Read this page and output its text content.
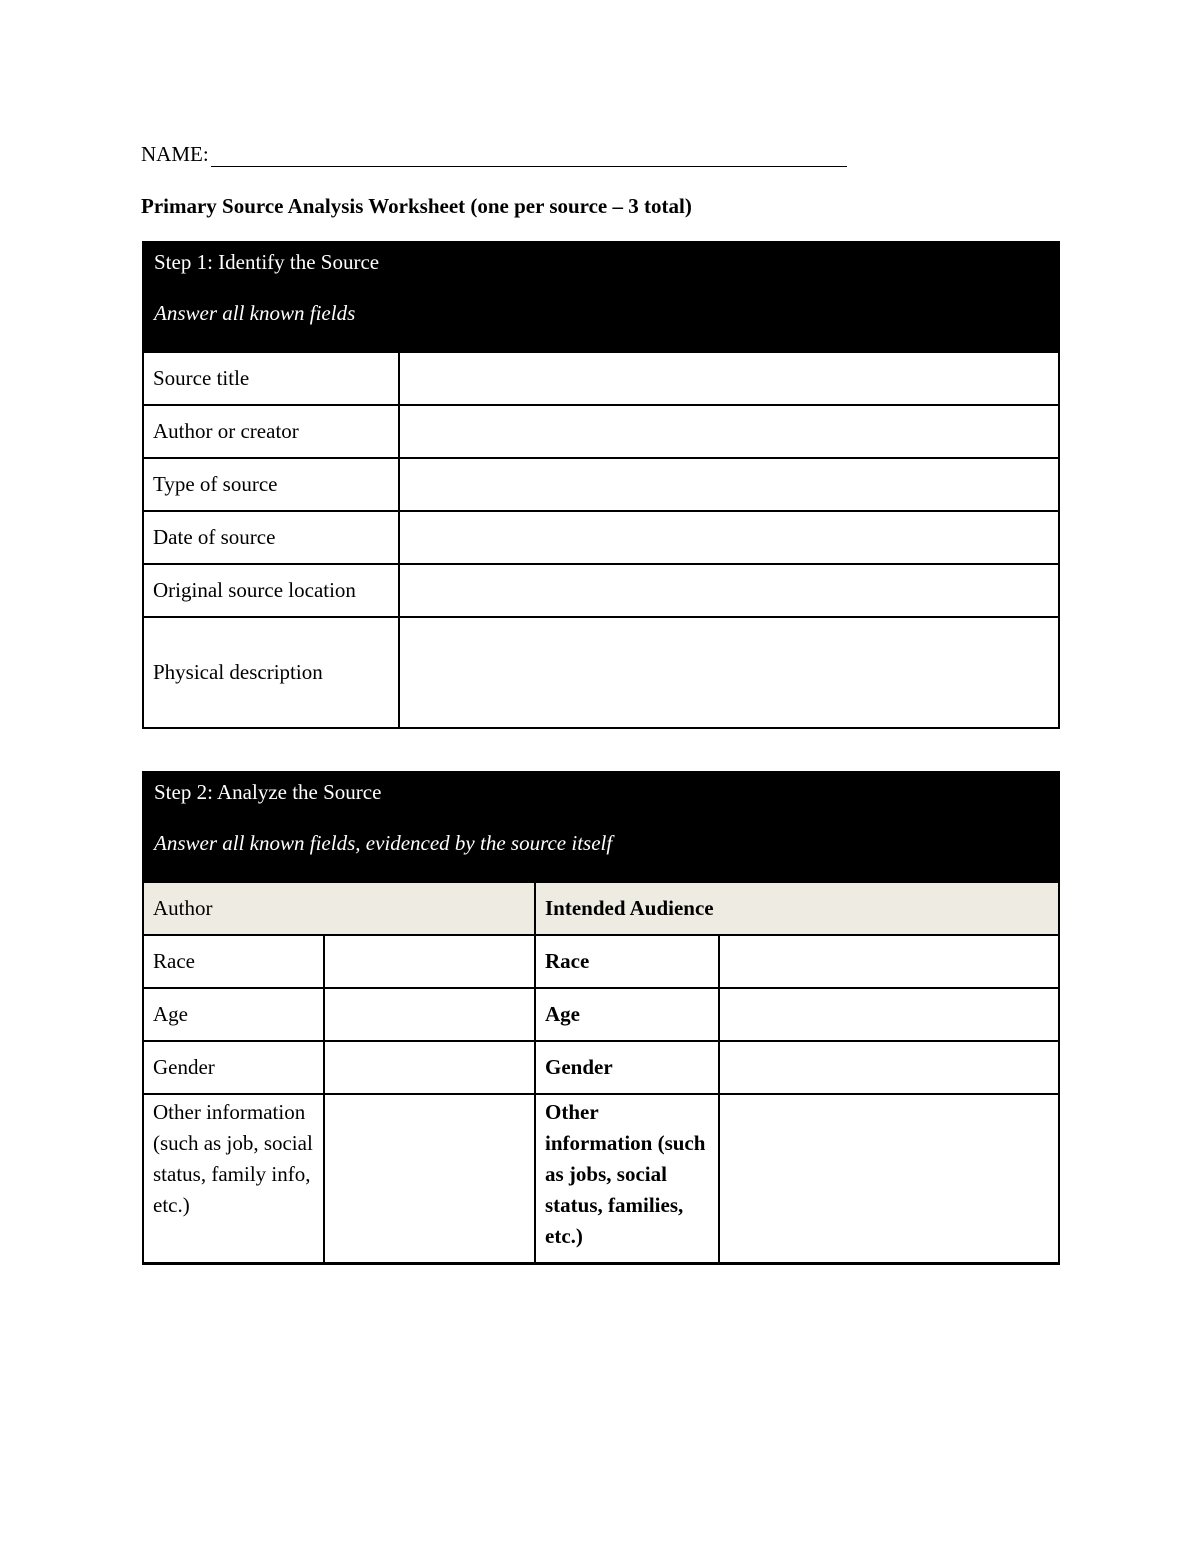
NAME:
Primary Source Analysis Worksheet (one per source – 3 total)
Step 1: Identify the Source
Answer all known fields	

Source title	
Author or creator	
Type of source	
Date of source	
Original source location	
Physical description	
Step 2: Analyze the Source
Answer all known fields, evidenced by the source itself			

Author		Intended Audience	
Race		Race	
Age		Age	
Gender		Gender	
Other information (such as job, social status, family info, etc.)		Other information (such as jobs, social status, families, etc.)	
